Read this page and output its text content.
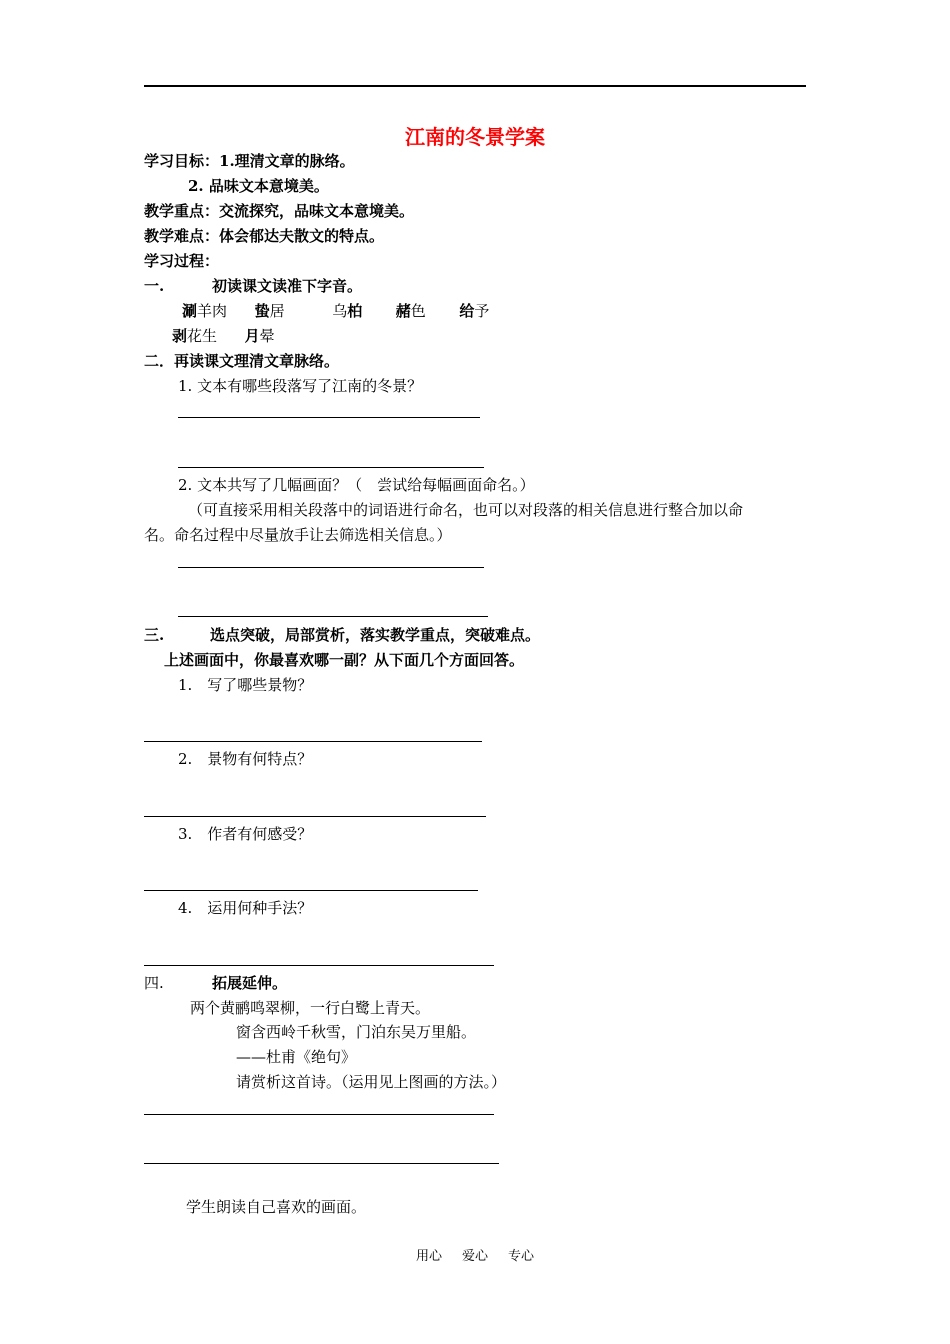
江南的冬景学案
学习目标：1.理清文章的脉络。
2. 品味文本意境美。
教学重点：交流探究，品味文本意境美。
教学难点：体会郁达夫散文的特点。
学习过程：
一.	初读课文读准下字音。
涮羊肉 蛰居	乌柏 赭色 给予
剥花生 月晕
二．再读课文理清文章脉络。
1. 文本有哪些段落写了江南的冬景？
2. 文本共写了几幅画面？（　尝试给每幅画面命名。）
（可直接采用相关段落中的词语进行命名，也可以对段落的相关信息进行整合加以命
名。命名过程中尽量放手让去筛选相关信息。）
三.	选点突破，局部赏析，落实教学重点，突破难点。
上述画面中，你最喜欢哪一副？从下面几个方面回答。
1.　写了哪些景物？
2.　景物有何特点？
3.　作者有何感受？
4.　运用何种手法？
四.	拓展延伸。
两个黄鹂鸣翠柳，一行白鹭上青天。
窗含西岭千秋雪，门泊东吴万里船。
——杜甫《绝句》
请赏析这首诗。（运用见上图画的方法。）
学生朗读自己喜欢的画面。
用心 爱心 专心
